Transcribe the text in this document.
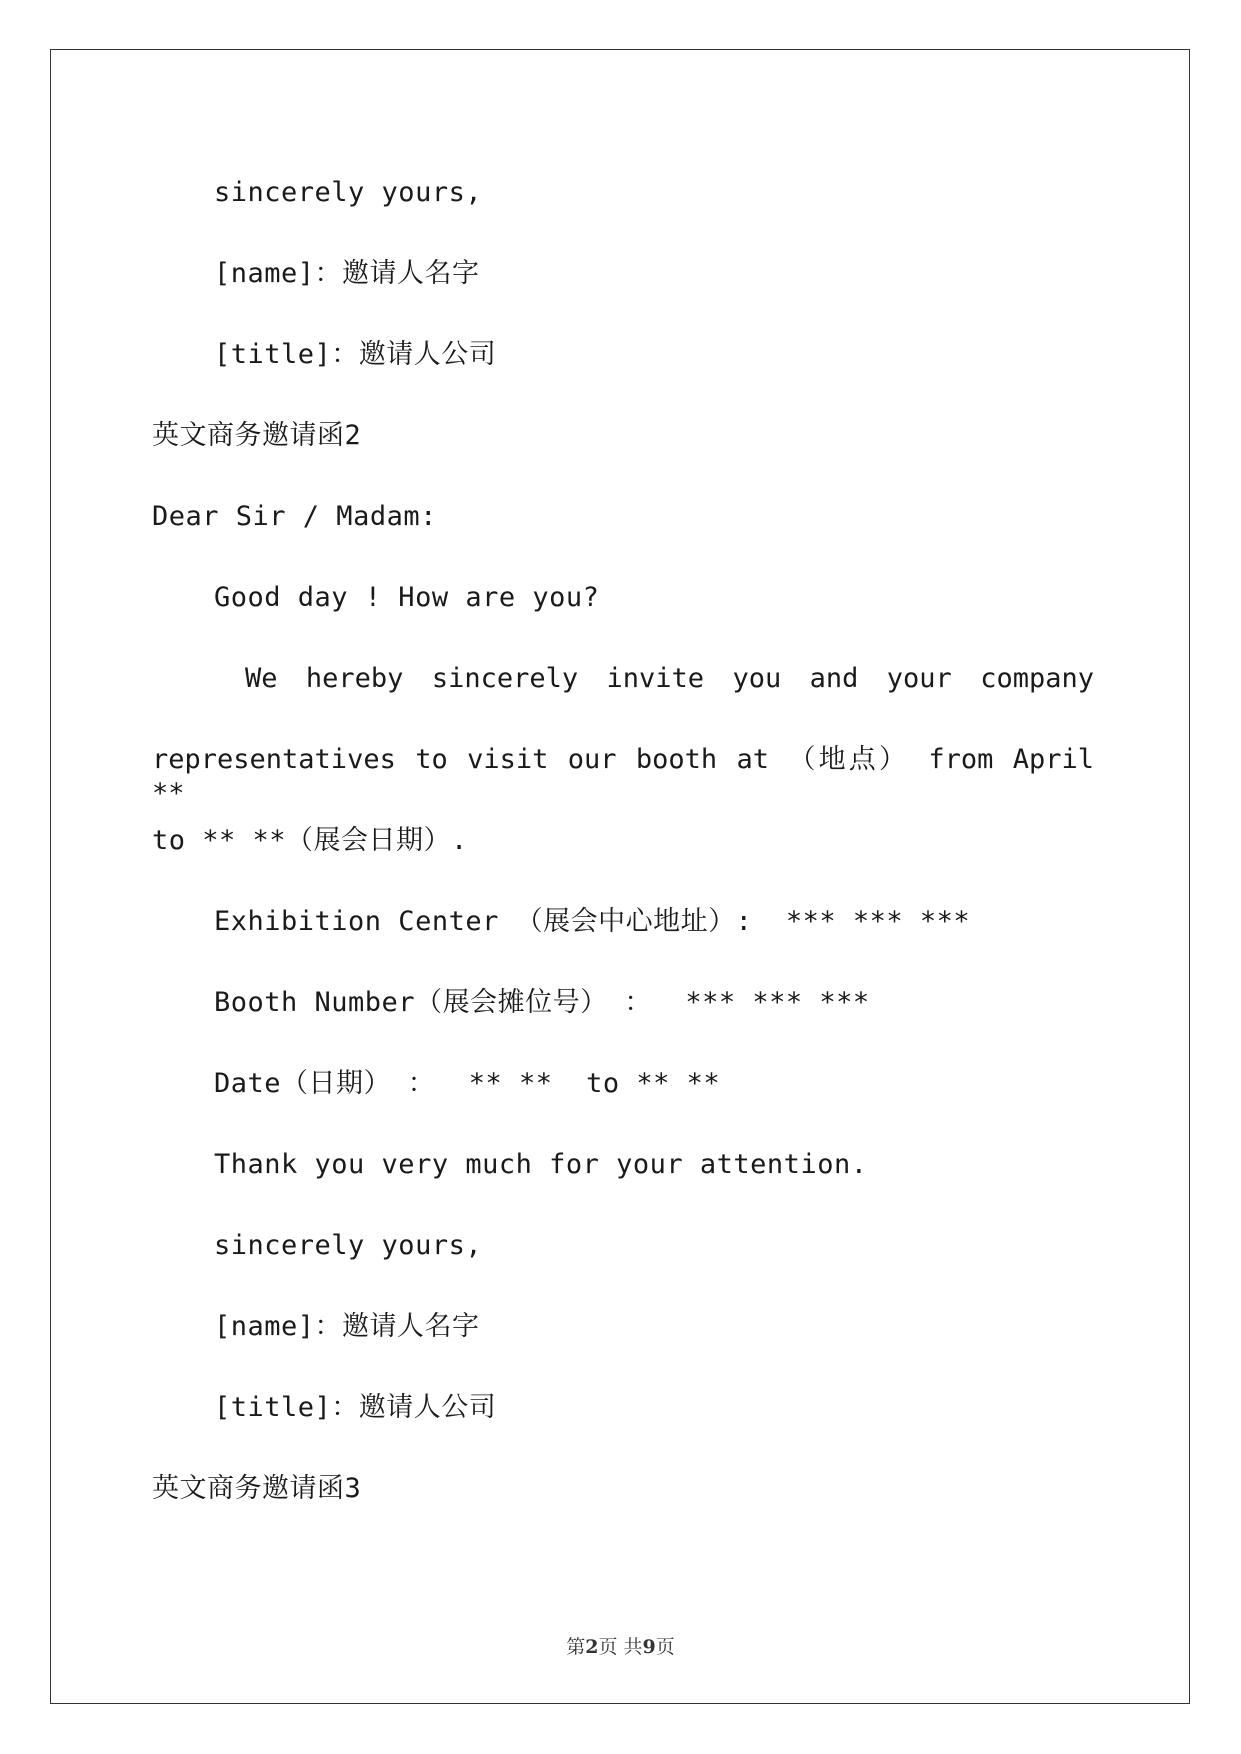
sincerely yours,
[name]：邀请人名字
[title]：邀请人公司
英文商务邀请函2
Dear Sir / Madam:
Good day ! How are you?
We hereby sincerely invite you and your company
representatives to visit our booth at （地点） from April **
to ** **（展会日期）.
Exhibition Center （展会中心地址）:  *** *** ***
Booth Number（展会摊位号） ：  *** *** ***
Date（日期） ：  ** **  to ** **
Thank you very much for your attention.
sincerely yours,
[name]：邀请人名字
[title]：邀请人公司
英文商务邀请函3
第2页 共9页
